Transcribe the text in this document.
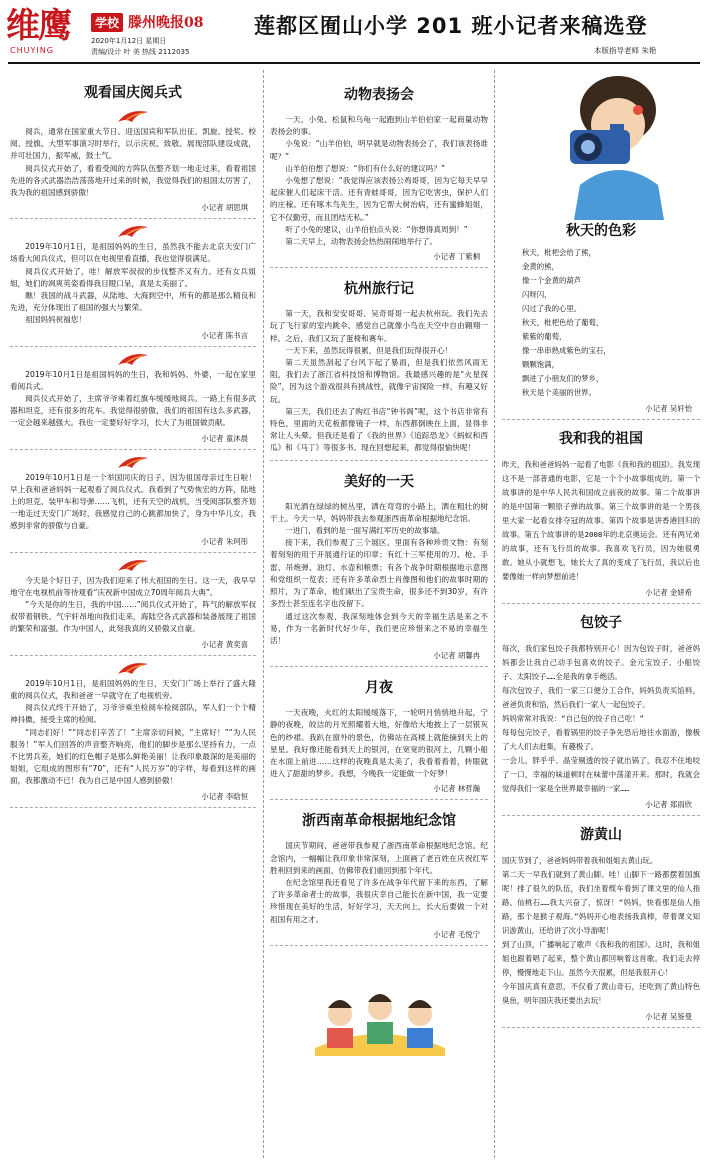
维鹰
CHUYING
学校 滕州晚报08
2020年1月12日 星期日
责编/设计 叶 美 热线 2112035
莲都区囿山小学 201 班小记者来稿选登
本版指导老师 朱艳
观看国庆阅兵式

阅兵，通常在国家重大节日、迎送国宾和军队出征、凯旋、授奖、校阅、授旗、大型军事演习时举行，以示庆祝、致敬、展现部队建设成就，并可壮国力，振军威，鼓士气。

阅兵仪式开始了，看着受阅的方阵队伍整齐划一地走过来，看着祖国先进的各式武器浩浩荡荡地开过来的时候，我觉得我们的祖国太厉害了，我为我的祖国感到骄傲！

小记者 胡思琪

2019年10月1日，是祖国妈妈的生日，虽然我不能去北京天安门广场看大阅兵仪式，但可以在电视里看直播，我也觉得很满足。

阅兵仪式开始了，哇！解放军叔叔的步伐整齐又有力。还有女兵姐姐，她们的飒爽英姿看得我目瞪口呆，真是太美丽了。

瞧！我国的战斗武器，从陆地、大海到空中，所有的都是那么精良和先进，充分体现出了祖国的强大与繁荣。

祖国妈妈祝福您！

小记者 陈书言

2019年10月1日是祖国妈妈的生日，我和妈妈、外婆，一起在家里看阅兵式。

阅兵仪式开始了，主席爷爷乘着红旗车缓缓地阅兵。一路上有很多武器和坦克，还有很多的花车。我觉得很骄傲，我们的祖国有这么多武器，一定会越来越强大。我也一定要好好学习，长大了为祖国做贡献。

小记者 童沐晨

2019年10月1日是一个举国同庆的日子，因为祖国母亲过生日啦！早上我和爸爸妈妈一起观看了阅兵仪式。我看到了气势恢宏的方阵，陆地上的坦克、装甲车和导弹……飞机，还有天空的战机，当受阅部队整齐划一地走过天安门广场时，我感觉自己的心跳都加快了，身为中华儿女，我感到非常的骄傲与自豪。

小记者 朱珂彤

今天是个好日子，因为我们迎来了伟大祖国的生日。这一天，我早早地守在电视机前等待观看“庆祝新中国成立70周年阅兵大典”。

“今天是你的生日，我的中国……”阅兵仪式开始了，阵气的解放军叔叔带着钢铁、气宇轩昂地向我们走来，海陆空各式武器和装备展现了祖国的繁荣和富强。作为中国人，此刻我真的又骄傲又自豪。

小记者 黄奕喜

2019年10月1日，是祖国妈妈的生日，天安门广场上举行了盛大隆重的阅兵仪式，我和爸爸一早就守在了电视机旁。

阅兵仪式终于开始了，习爷爷乘坐检阅车检阅部队，军人们一个个精神抖擞，接受主席的检阅。

“同志们好！”“同志们辛苦了！”主席亲切问候，“主席好！”“为人民服务！”军人们回答的声音整齐响亮，他们的脚步是那么坚持有力，一点不比男兵差，她们的红色帽子是那么鲜艳美丽！让我印象最深的是美丽的姐姐，它组成的图形有“70”，还有“人民万岁”的字样，每看到这样的画面，我都激动不已！我为自己是中国人感到骄傲！

小记者 李晗恒
动物表扬会

一天，小兔、松鼠和乌龟一起跑到山羊伯伯家一起商量动物表扬会的事。

小兔说：“山羊伯伯，明早就是动物表扬会了，我们该表扬谁呢？”

山羊伯伯想了想说：“你们有什么好的建议吗？”

小兔想了想说：“我觉得应该表扬公鸡哥哥，因为它每天早早起床催人们起床干活。还有青蛙哥哥，因为它吃害虫，保护人们的庄稼。还有啄木鸟先生，因为它帮大树治病，还有蜜蜂姐姐，它不仅勤劳，而且团结无私。”

听了小兔的建议，山羊伯伯点头说：“你想得真周到！”

第二天早上，动物表扬会热热闹闹地举行了。

小记者 丁紫桐
杭州旅行记

第一天，我和安安哥哥、吴奇哥哥一起去杭州玩。我们先去玩了飞行家的室内跳伞，感觉自己就像小鸟在天空中自由翱翔一样。之后，我们又玩了蛋椅和赛车。

一天下来，虽然玩得很累，但是我们玩得很开心！

第二天虽然刮起了台风下起了暴雨，但是我们依然风雨无阻，我们去了浙江省科技馆和博物馆。我最感兴趣的是“火星探险”，因为这个游戏很具有挑战性，就像宇宙探险一样，有趣又好玩。

第三天，我们还去了购红书店“钟书阁”呢，这个书店非常有特色，里面的天花板都像镜子一样，东西都倒映在上面，显得非常让人头晕。但我还是看了《我的世界》《追踪恐龙》《蚂蚁和西瓜》和《马丁》等很多书。现在回想起来，都觉得很愉快呢！

美好的一天

阳光洒在绿绿的树丛里，洒在弯弯的小路上，洒在粗壮的树干上。今天一早，妈妈带我去参观浙西南革命根据地纪念馆。

一进门，看到的是一面写满红军历史的故事墙。

接下来，我们参观了三个展区。里面有各种珍贵文物：有刻着刻刻的用于开展通行证的印章；有红十三军使用的刀、枪、手雷、吊炮弹、油灯、水壶和粮票；有各个战争时期根据地示意图和党组织一览表；还有许多革命烈士肖像图和他们的故事时期的照片，为了革命，他们献出了宝贵生命，很多还不到30岁，有许多烈士甚至连名字也没留下。

通过这次参观，我深刻地体会到今天的幸福生活是来之不易，作为一名新时代好少年，我们更应珍惜来之不易的幸福生活！

小记者 胡馨冉
月夜

一天夜晚，火红的太阳缓缓落下，一轮明月悄悄地升起，宁静的夜晚，皎洁的月光照耀着大地，好像给大地披上了一层银灰色的纱裙。我趴在窗外的景色，仿佛站在高楼上就能摘到天上的星星。我好像还能看到天上的银河，在宽宽的银河上，几颗小船在水面上前进……这样的夜晚真是太美了，我看着看着，转眼就进入了甜甜的梦乡。我想，今晚我一定能做一个好梦！

小记者 林哲瀚
浙西南革命根据地纪念馆

国庆节期间，爸爸带我参观了浙西南革命根据地纪念馆。纪念馆内，一幅幅让我印象非常深刻，上面画了老百姓在庆祝红军胜利回到来的画面，仿佛带我们重回到那个年代。

在纪念馆里我还看见了许多在战争年代留下来的东西，了解了许多革命者士的故事，我很庆幸自己能长在新中国，我一定要珍惜现在美好的生活，好好学习，天天向上，长大后要做一个对祖国有用之才。

小记者 毛悦宁
秋天的色彩

秋天，枇杷会给了熊，

金黄的熊，

像一个金黄的葫芦

闪呀闪，

闪过了我的心里。

秋天，枇杷色给了葡萄，

紫紫的葡萄，

像一串串熟成紫色的宝石，

颗颗饱满，

飘进了小朋友们的梦乡，

秋天是个美丽的世界。

小记者 吴轩怡
我和我的祖国

昨天，我和爸爸妈妈一起看了电影《我和我的祖国》。我发现这不是一部普通的电影，它是一个个小故事组成的。第一个故事讲的是中华人民共和国成立前夜的故事。第二个故事讲的是中国第一颗原子弹的故事。第三个故事讲的是一个男孩里大家一起看女排夺冠的故事。第四个故事是讲香港回归的故事。第五个故事讲的是2008年的北京奥运会。还有两兄弟的故事，还有飞行员的故事。我喜欢飞行员，因为她很勇敢。她从小就想飞，她长大了真的变成了飞行员，我以后也要像她一样向梦想前进！

小记者 金妍希
包饺子

每次，我们家包饺子我都特别开心！因为包饺子时，爸爸妈妈都会让我自己动手包喜欢的饺子。金元宝饺子、小船饺子、太阳饺子……全是我的拿手绝活。

每次包饺子，我们一家三口便分工合作，妈妈负责买馅料，爸爸负责和馅，然后我们一家人一起包饺子。

妈妈常常对我说：“自己包的饺子自己吃！”

每每包完饺子，看着锅里的饺子争先恐后地往水面游，像极了大人们去赶集，有趣极了。

一会儿，胖乎乎、晶莹剔透的饺子就出锅了，我忍不住地咬了一口，幸福的味道顿时在味蕾中荡漾开来。那时，我就会觉得我们一家是全世界最幸福的一家……

小记者 郑雨欣
游黄山

国庆节到了，爸爸妈妈带着我和姐姐去黄山玩。

第二天一早我们就到了黄山脚。哇！山脚下一路都摆着国旗呢！排了很久的队伍，我们坐着缆车看到了课文里的仙人指路、仙桃石……我太兴奋了，惊讶！“妈妈，快看那是仙人指路，那个是猴子观海。”妈妈开心地表扬我真棒，带着课文知识游黄山，还给讲了次小导游呢！

到了山顶，广播响起了歌声《我和我的祖国》。这时，我和姐姐也跟着唱了起来，整个黄山都回响着这首歌。我们走去停停，慢慢地走下山。虽然今天很累，但是我很开心！

今年国庆真有意思，不仅看了黄山奇石，还吃到了黄山特色臭鱼，明年国庆我还要出去玩！

小记者 吴鉴曼
